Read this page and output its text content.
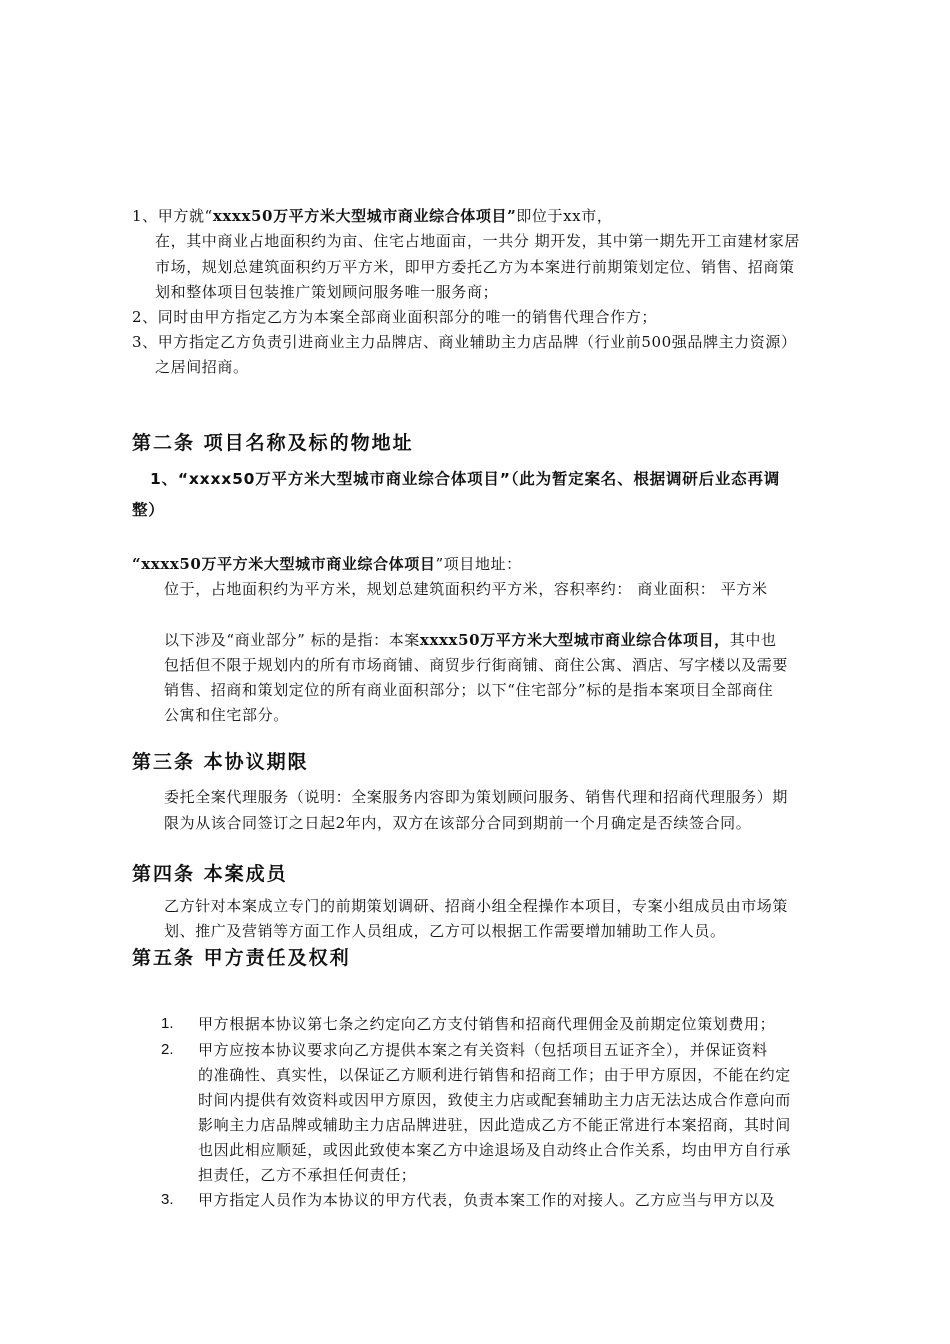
1、甲方就“xxxx50万平方米大型城市商业综合体项目”即位于xx市，
在，其中商业占地面积约为亩、住宅占地面亩，一共分 期开发，其中第一期先开工亩建材家居
市场，规划总建筑面积约万平方米，即甲方委托乙方为本案进行前期策划定位、销售、招商策
划和整体项目包装推广策划顾问服务唯一服务商；
2、同时由甲方指定乙方为本案全部商业面积部分的唯一的销售代理合作方；
3、甲方指定乙方负责引进商业主力品牌店、商业辅助主力店品牌（行业前500强品牌主力资源）
之居间招商。
第二条 项目名称及标的物地址
1、“xxxx50万平方米大型城市商业综合体项目”（此为暂定案名、根据调研后业态再调
整）
“xxxx50万平方米大型城市商业综合体项目”项目地址：
位于，占地面积约为平方米，规划总建筑面积约平方米，容积率约： 商业面积： 平方米
以下涉及“商业部分” 标的是指：本案xxxx50万平方米大型城市商业综合体项目，其中也
包括但不限于规划内的所有市场商铺、商贸步行街商铺、商住公寓、酒店、写字楼以及需要
销售、招商和策划定位的所有商业面积部分；以下“住宅部分”标的是指本案项目全部商住
公寓和住宅部分。
第三条 本协议期限
委托全案代理服务（说明：全案服务内容即为策划顾问服务、销售代理和招商代理服务）期
限为从该合同签订之日起2年内，双方在该部分合同到期前一个月确定是否续签合同。
第四条 本案成员
乙方针对本案成立专门的前期策划调研、招商小组全程操作本项目，专案小组成员由市场策
划、推广及营销等方面工作人员组成，乙方可以根据工作需要增加辅助工作人员。
第五条 甲方责任及权利
1. 甲方根据本协议第七条之约定向乙方支付销售和招商代理佣金及前期定位策划费用；
2. 甲方应按本协议要求向乙方提供本案之有关资料（包括项目五证齐全），并保证资料
的准确性、真实性，以保证乙方顺利进行销售和招商工作；由于甲方原因，不能在约定
时间内提供有效资料或因甲方原因，致使主力店或配套辅助主力店无法达成合作意向而
影响主力店品牌或辅助主力店品牌进驻，因此造成乙方不能正常进行本案招商，其时间
也因此相应顺延，或因此致使本案乙方中途退场及自动终止合作关系，均由甲方自行承
担责任，乙方不承担任何责任；
3. 甲方指定人员作为本协议的甲方代表，负责本案工作的对接人。乙方应当与甲方以及
